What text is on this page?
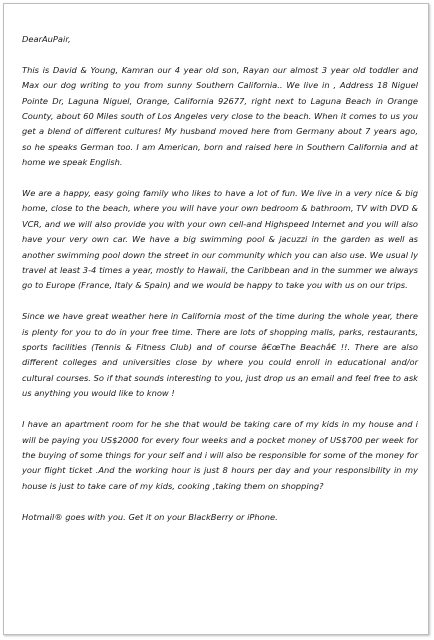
DearAuPair,

This is David & Young, Kamran our 4 year old son, Rayan our almost 3 year old toddler and Max our dog writing to you from sunny Southern California.. We live in , Address 18 Niguel Pointe Dr, Laguna Niguel, Orange, California 92677, right next to Laguna Beach in Orange County, about 60 Miles south of Los Angeles very close to the beach. When it comes to us you get a blend of different cultures! My husband moved here from Germany about 7 years ago, so he speaks German too. I am American, born and raised here in Southern California and at home we speak English.

We are a happy, easy going family who likes to have a lot of fun. We live in a very nice & big home, close to the beach, where you will have your own bedroom & bathroom, TV with DVD & VCR, and we will also provide you with your own cell-and Highspeed Internet and you will also have your very own car. We have a big swimming pool & jacuzzi in the garden as well as another swimming pool down the street in our community which you can also use. We usual ly travel at least 3-4 times a year, mostly to Hawaii, the Caribbean and in the summer we always go to Europe (France, Italy & Spain) and we would be happy to take you with us on our trips.

Since we have great weather here in California most of the time during the whole year, there is plenty for you to do in your free time. There are lots of shopping malls, parks, restaurants, sports facilities (Tennis & Fitness Club) and of course â€œThe Beachâ€ !!. There are also different colleges and universities close by where you could enroll in educational and/or cultural courses. So if that sounds interesting to you, just drop us an email and feel free to ask us anything you would like to know !

I have an apartment room for he she that would be taking care of my kids in my house and i will be paying you US$2000 for every four weeks and a pocket money of US$700 per week for the buying of some things for your self and i will also be responsible for some of the money for your flight ticket .And the working hour is just 8 hours per day and your responsibility in my house is just to take care of my kids, cooking ,taking them on shopping?

Hotmail® goes with you. Get it on your BlackBerry or iPhone.
